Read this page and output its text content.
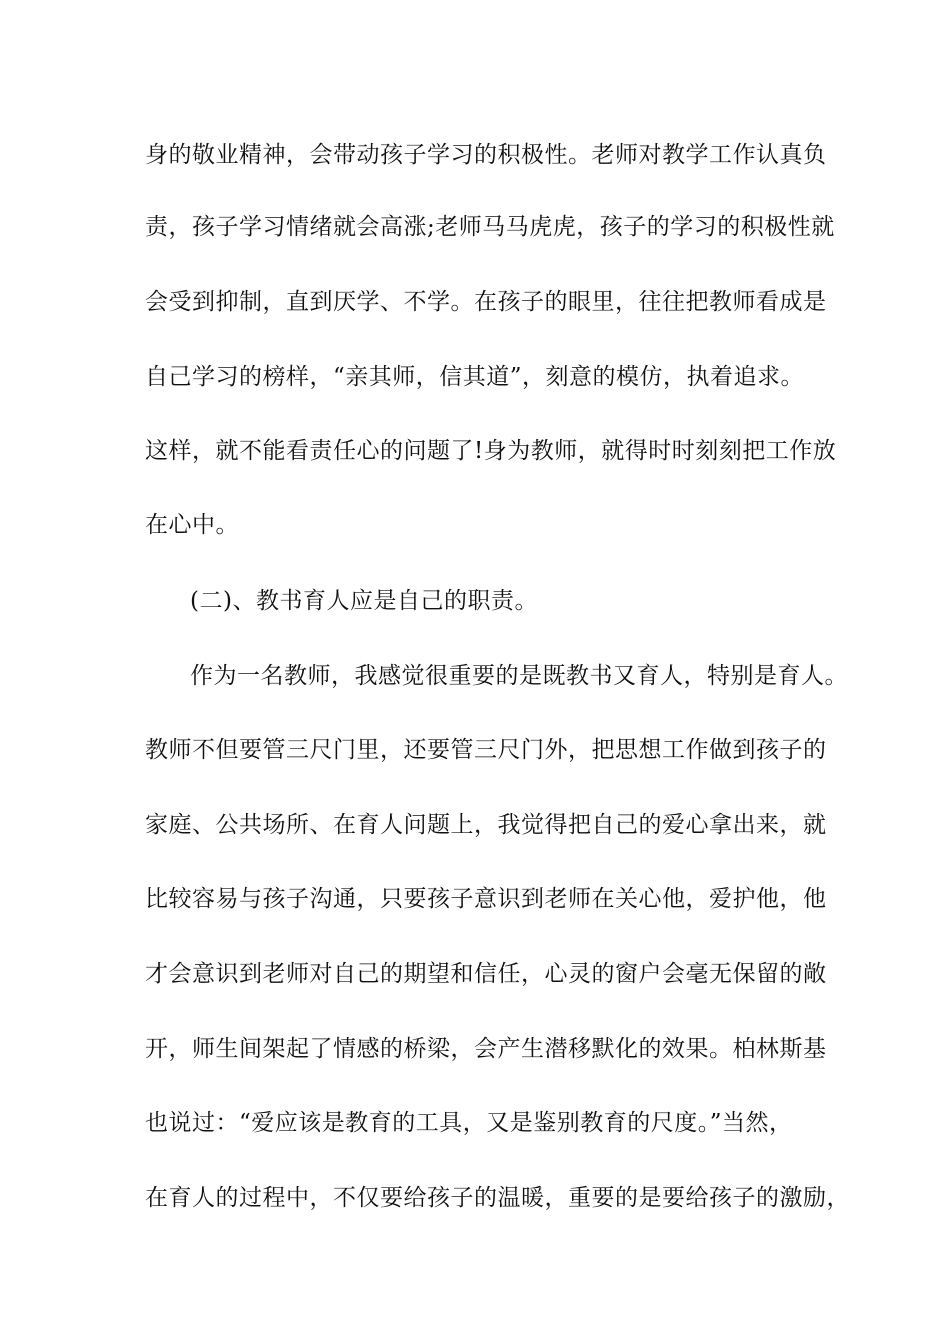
身的敬业精神，会带动孩子学习的积极性。老师对教学工作认真负
责，孩子学习情绪就会高涨;老师马马虎虎，孩子的学习的积极性就
会受到抑制，直到厌学、不学。在孩子的眼里，往往把教师看成是
自己学习的榜样，“亲其师，信其道”，刻意的模仿，执着追求。
这样，就不能看责任心的问题了!身为教师，就得时时刻刻把工作放
在心中。
(二)、教书育人应是自己的职责。
作为一名教师，我感觉很重要的是既教书又育人，特别是育人。
教师不但要管三尺门里，还要管三尺门外，把思想工作做到孩子的
家庭、公共场所、在育人问题上，我觉得把自己的爱心拿出来，就
比较容易与孩子沟通，只要孩子意识到老师在关心他，爱护他，他
才会意识到老师对自己的期望和信任，心灵的窗户会毫无保留的敞
开，师生间架起了情感的桥梁，会产生潜移默化的效果。柏林斯基
也说过：“爱应该是教育的工具，又是鉴别教育的尺度。”当然，
在育人的过程中，不仅要给孩子的温暖，重要的是要给孩子的激励，
